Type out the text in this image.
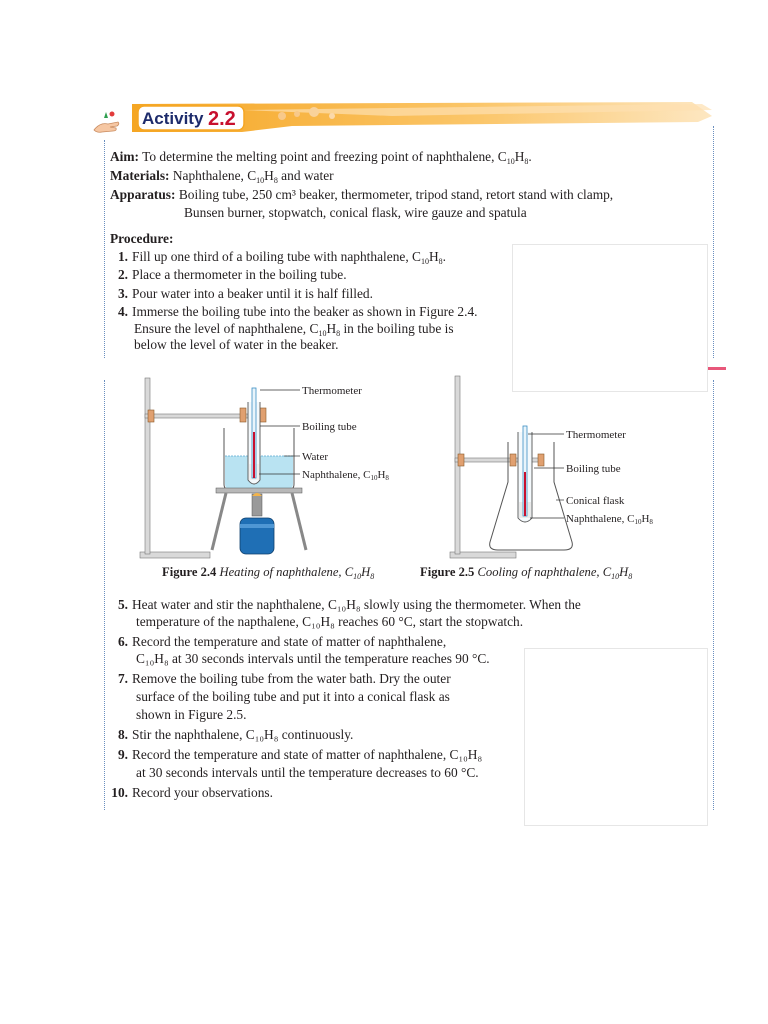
Activity 2.2
Aim: To determine the melting point and freezing point of naphthalene, $C_{10}H_8$.
Materials: Naphthalene, $C_{10}H_8$ and water
Apparatus: Boiling tube, 250 cm³ beaker, thermometer, tripod stand, retort stand with clamp,
Bunsen burner, stopwatch, conical flask, wire gauze and spatula
Procedure:
1. Fill up one third of a boiling tube with naphthalene, $C_{10}H_8$.
2. Place a thermometer in the boiling tube.
3. Pour water into a beaker until it is half filled.
4. Immerse the boiling tube into the beaker as shown in Figure 2.4.
Ensure the level of naphthalene, $C_{10}H_8$ in the boiling tube is
below the level of water in the beaker.
Thermometer
Boiling tube
Water
Naphthalene, C10H8
Figure 2.4 Heating of naphthalene, $C_{10}H_8$
Thermometer
Boiling tube
Conical flask
Naphthalene, C10H8
Figure 2.5 Cooling of naphthalene, $C_{10}H_8$
5. Heat water and stir the naphthalene, C₁₀H₈ slowly using the thermometer. When the
temperature of the napthalene, C₁₀H₈ reaches 60 °C, start the stopwatch.
6. Record the temperature and state of matter of naphthalene,
C₁₀H₈ at 30 seconds intervals until the temperature reaches 90 °C.
7. Remove the boiling tube from the water bath. Dry the outer
surface of the boiling tube and put it into a conical flask as
shown in Figure 2.5.
8. Stir the naphthalene, C₁₀H₈ continuously.
9. Record the temperature and state of matter of naphthalene, C₁₀H₈
at 30 seconds intervals until the temperature decreases to 60 °C.
10. Record your observations.
